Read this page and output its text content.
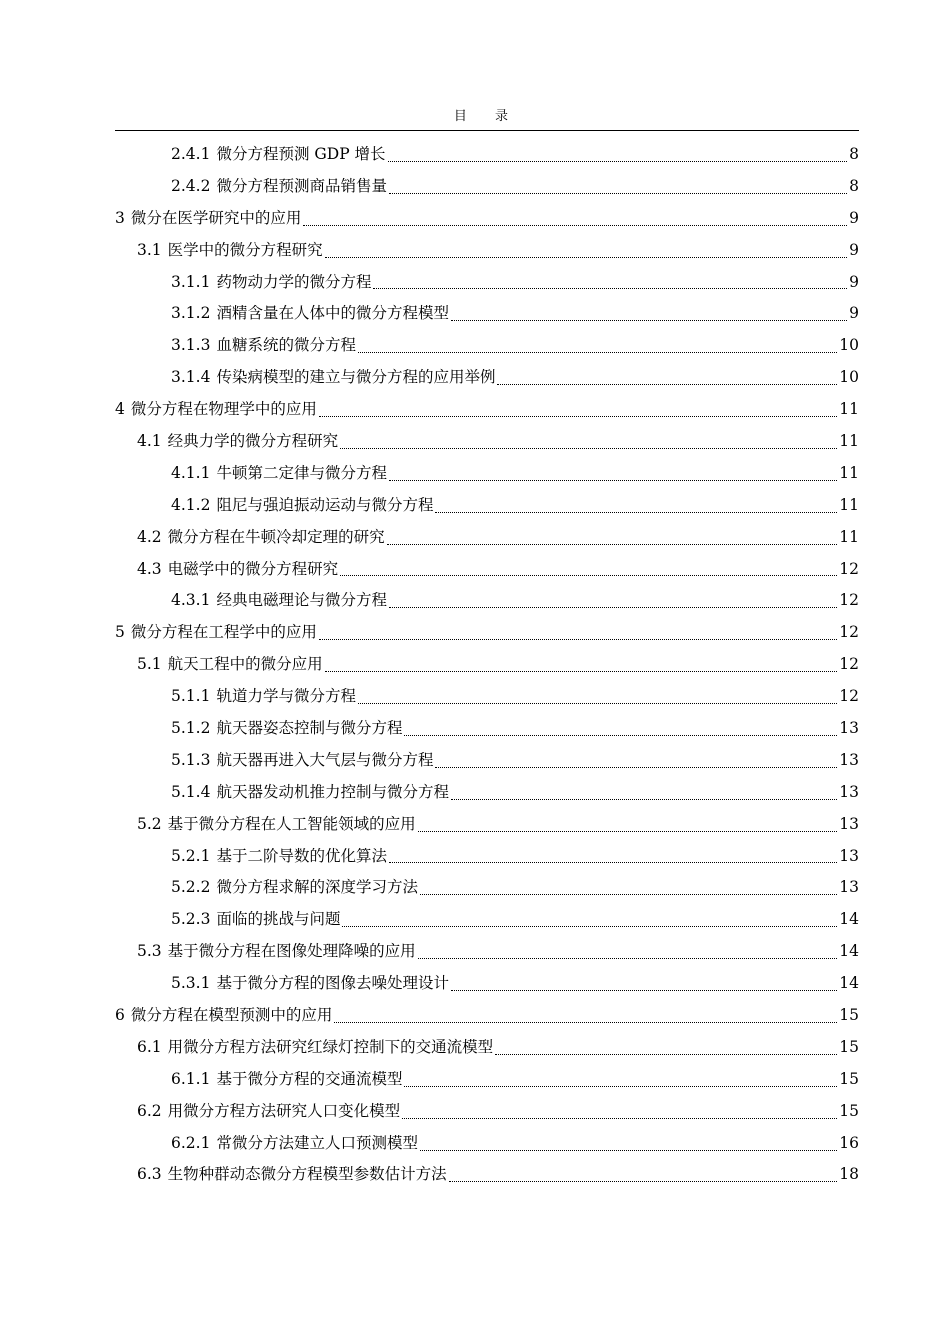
目 录
2.4.1 微分方程预测 GDP 增长	8
2.4.2 微分方程预测商品销售量	8
3 微分在医学研究中的应用	9
3.1 医学中的微分方程研究	9
3.1.1 药物动力学的微分方程	9
3.1.2 酒精含量在人体中的微分方程模型	9
3.1.3 血糖系统的微分方程	10
3.1.4 传染病模型的建立与微分方程的应用举例	10
4 微分方程在物理学中的应用	11
4.1 经典力学的微分方程研究	11
4.1.1 牛顿第二定律与微分方程	11
4.1.2 阻尼与强迫振动运动与微分方程	11
4.2 微分方程在牛顿冷却定理的研究	11
4.3 电磁学中的微分方程研究	12
4.3.1 经典电磁理论与微分方程	12
5 微分方程在工程学中的应用	12
5.1 航天工程中的微分应用	12
5.1.1 轨道力学与微分方程	12
5.1.2 航天器姿态控制与微分方程	13
5.1.3 航天器再进入大气层与微分方程	13
5.1.4 航天器发动机推力控制与微分方程	13
5.2 基于微分方程在人工智能领域的应用	13
5.2.1 基于二阶导数的优化算法	13
5.2.2 微分方程求解的深度学习方法	13
5.2.3 面临的挑战与问题	14
5.3 基于微分方程在图像处理降噪的应用	14
5.3.1 基于微分方程的图像去噪处理设计	14
6 微分方程在模型预测中的应用	15
6.1 用微分方程方法研究红绿灯控制下的交通流模型	15
6.1.1 基于微分方程的交通流模型	15
6.2 用微分方程方法研究人口变化模型	15
6.2.1 常微分方法建立人口预测模型	16
6.3 生物种群动态微分方程模型参数估计方法	18
